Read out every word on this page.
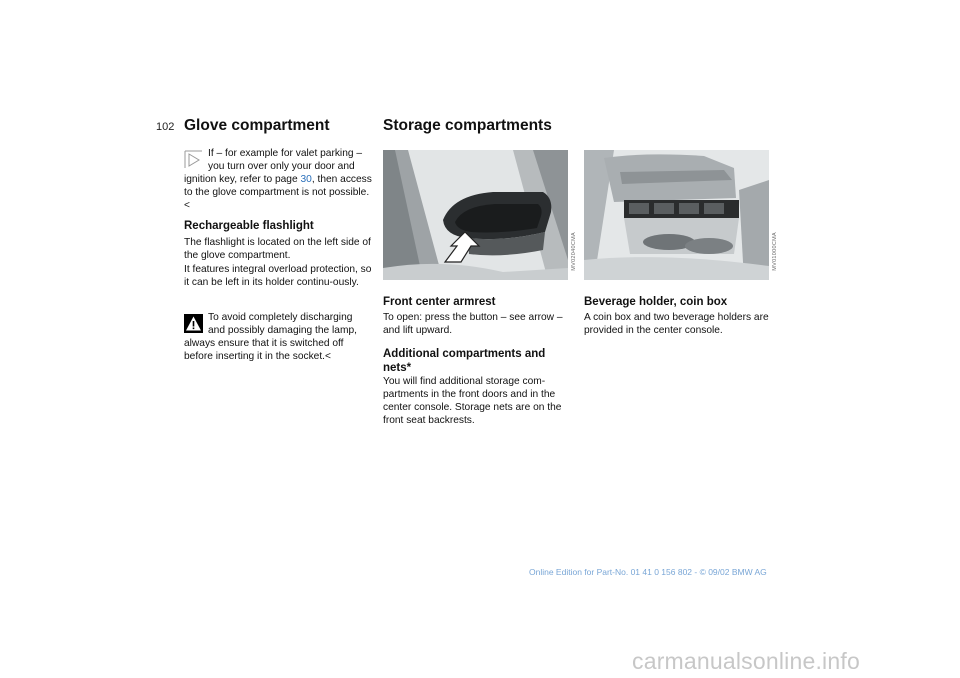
102 Glove compartment
If – for example for valet parking –
you turn over only your door and
ignition key, refer to page 30, then access to the glove compartment is not possible.<
Rechargeable flashlight
The flashlight is located on the left side of the glove compartment.
It features integral overload protection, so it can be left in its holder continu-ously.
To avoid completely discharging
and possibly damaging the lamp,
always ensure that it is switched off before inserting it in the socket.<
Storage compartments
MV02040CMA
Front center armrest
To open: press the button – see arrow – and lift upward.
Additional compartments and nets*
You will find additional storage com-partments in the front doors and in the center console. Storage nets are on the front seat backrests.
MV01000CMA
Beverage holder, coin box
A coin box and two beverage holders are provided in the center console.
Online Edition for Part-No. 01 41 0 156 802 - © 09/02 BMW AG
carmanualsonline.info
